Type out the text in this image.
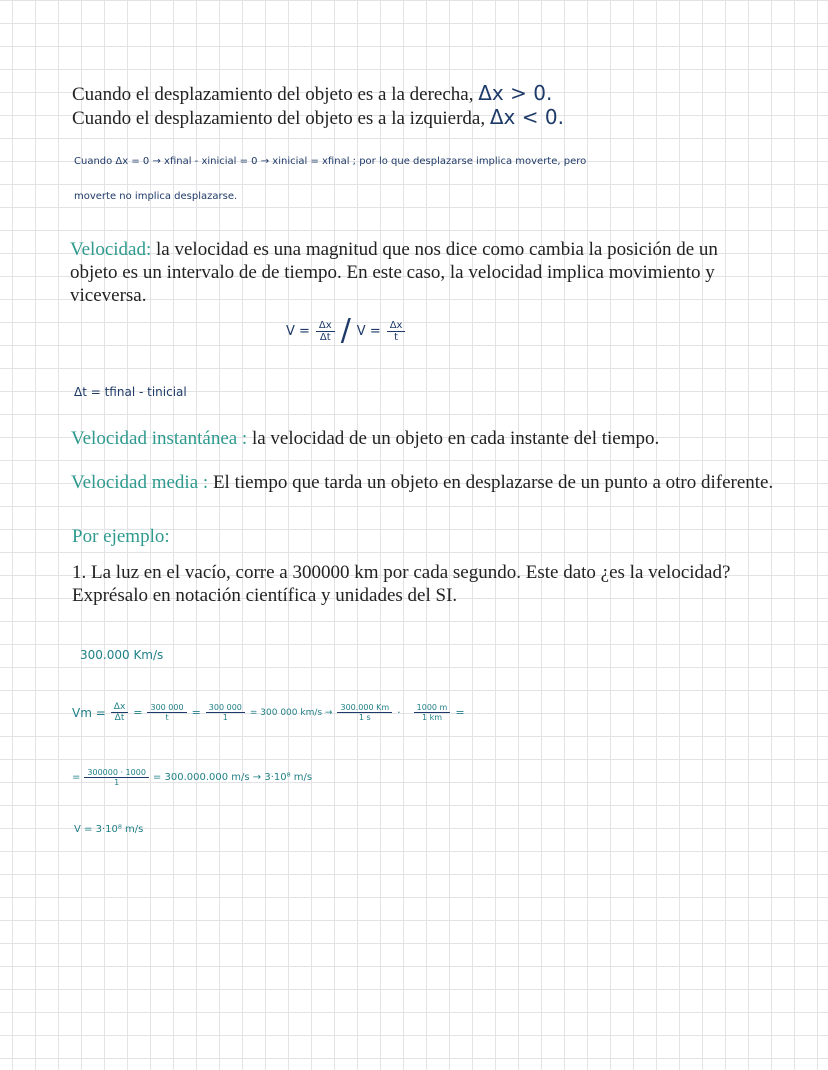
Cuando el desplazamiento del objeto es a la derecha, Δx > 0.
Cuando el desplazamiento del objeto es a la izquierda, Δx < 0.
Cuando Δx = 0 → xfinal - xinicial = 0 → xinicial = xfinal ; por lo que desplazarse implica moverte, pero
moverte no implica desplazarse.
Velocidad: la velocidad es una magnitud que nos dice como cambia la posición de un
objeto es un intervalo de de tiempo. En este caso, la velocidad implica movimiento y
viceversa.
$V = \frac{\Delta x}{\Delta t} / V = \frac{\Delta x}{t}$
Δt = tfinal - tinicial
Velocidad instantánea : la velocidad de un objeto en cada instante del tiempo.
Velocidad media : El tiempo que tarda un objeto en desplazarse de un punto a otro diferente.
Por ejemplo:
1. La luz en el vacío, corre a 300000 km por cada segundo. Este dato ¿es la velocidad?
Exprésalo en notación científica y unidades del SI.
300.000 Km/s
$Vm = \frac{\Delta x}{\Delta t} = \frac{300 000}{t} = \frac{300 000}{1} = 300$ 000 $km/s \to \frac{300.000 Km}{1 s} \cdot \frac{1000 m}{1 km}$ =
= $\frac{300000 \cdot 1000}{1} = 300.000.000$ m/s → 3·10⁸ m/s
V = 3·10⁸ m/s
